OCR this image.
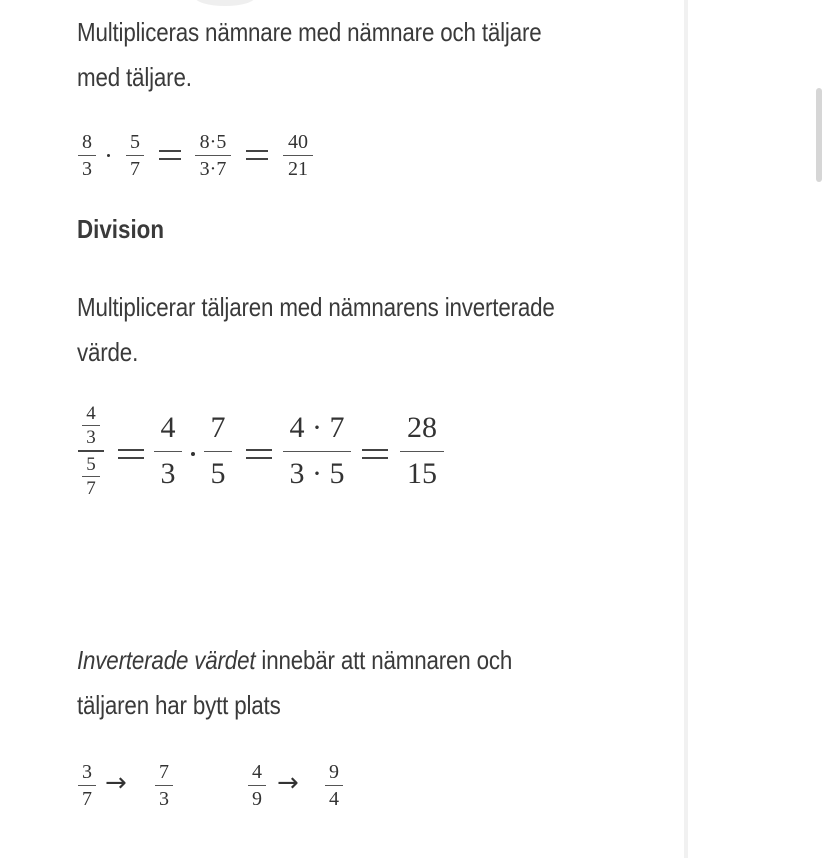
Multipliceras nämnare med nämnare och täljare
med täljare.
8
3
5
7
8·5
3·7
40
21
Division
Multiplicerar täljaren med nämnarens inverterade
värde.
4
3
5
7
4
3
7
5
4 · 7
3 · 5
28
15
Inverterade värdet innebär att nämnaren och
täljaren har bytt plats
3
7
→ 7
3
4
9
→ 9
4
